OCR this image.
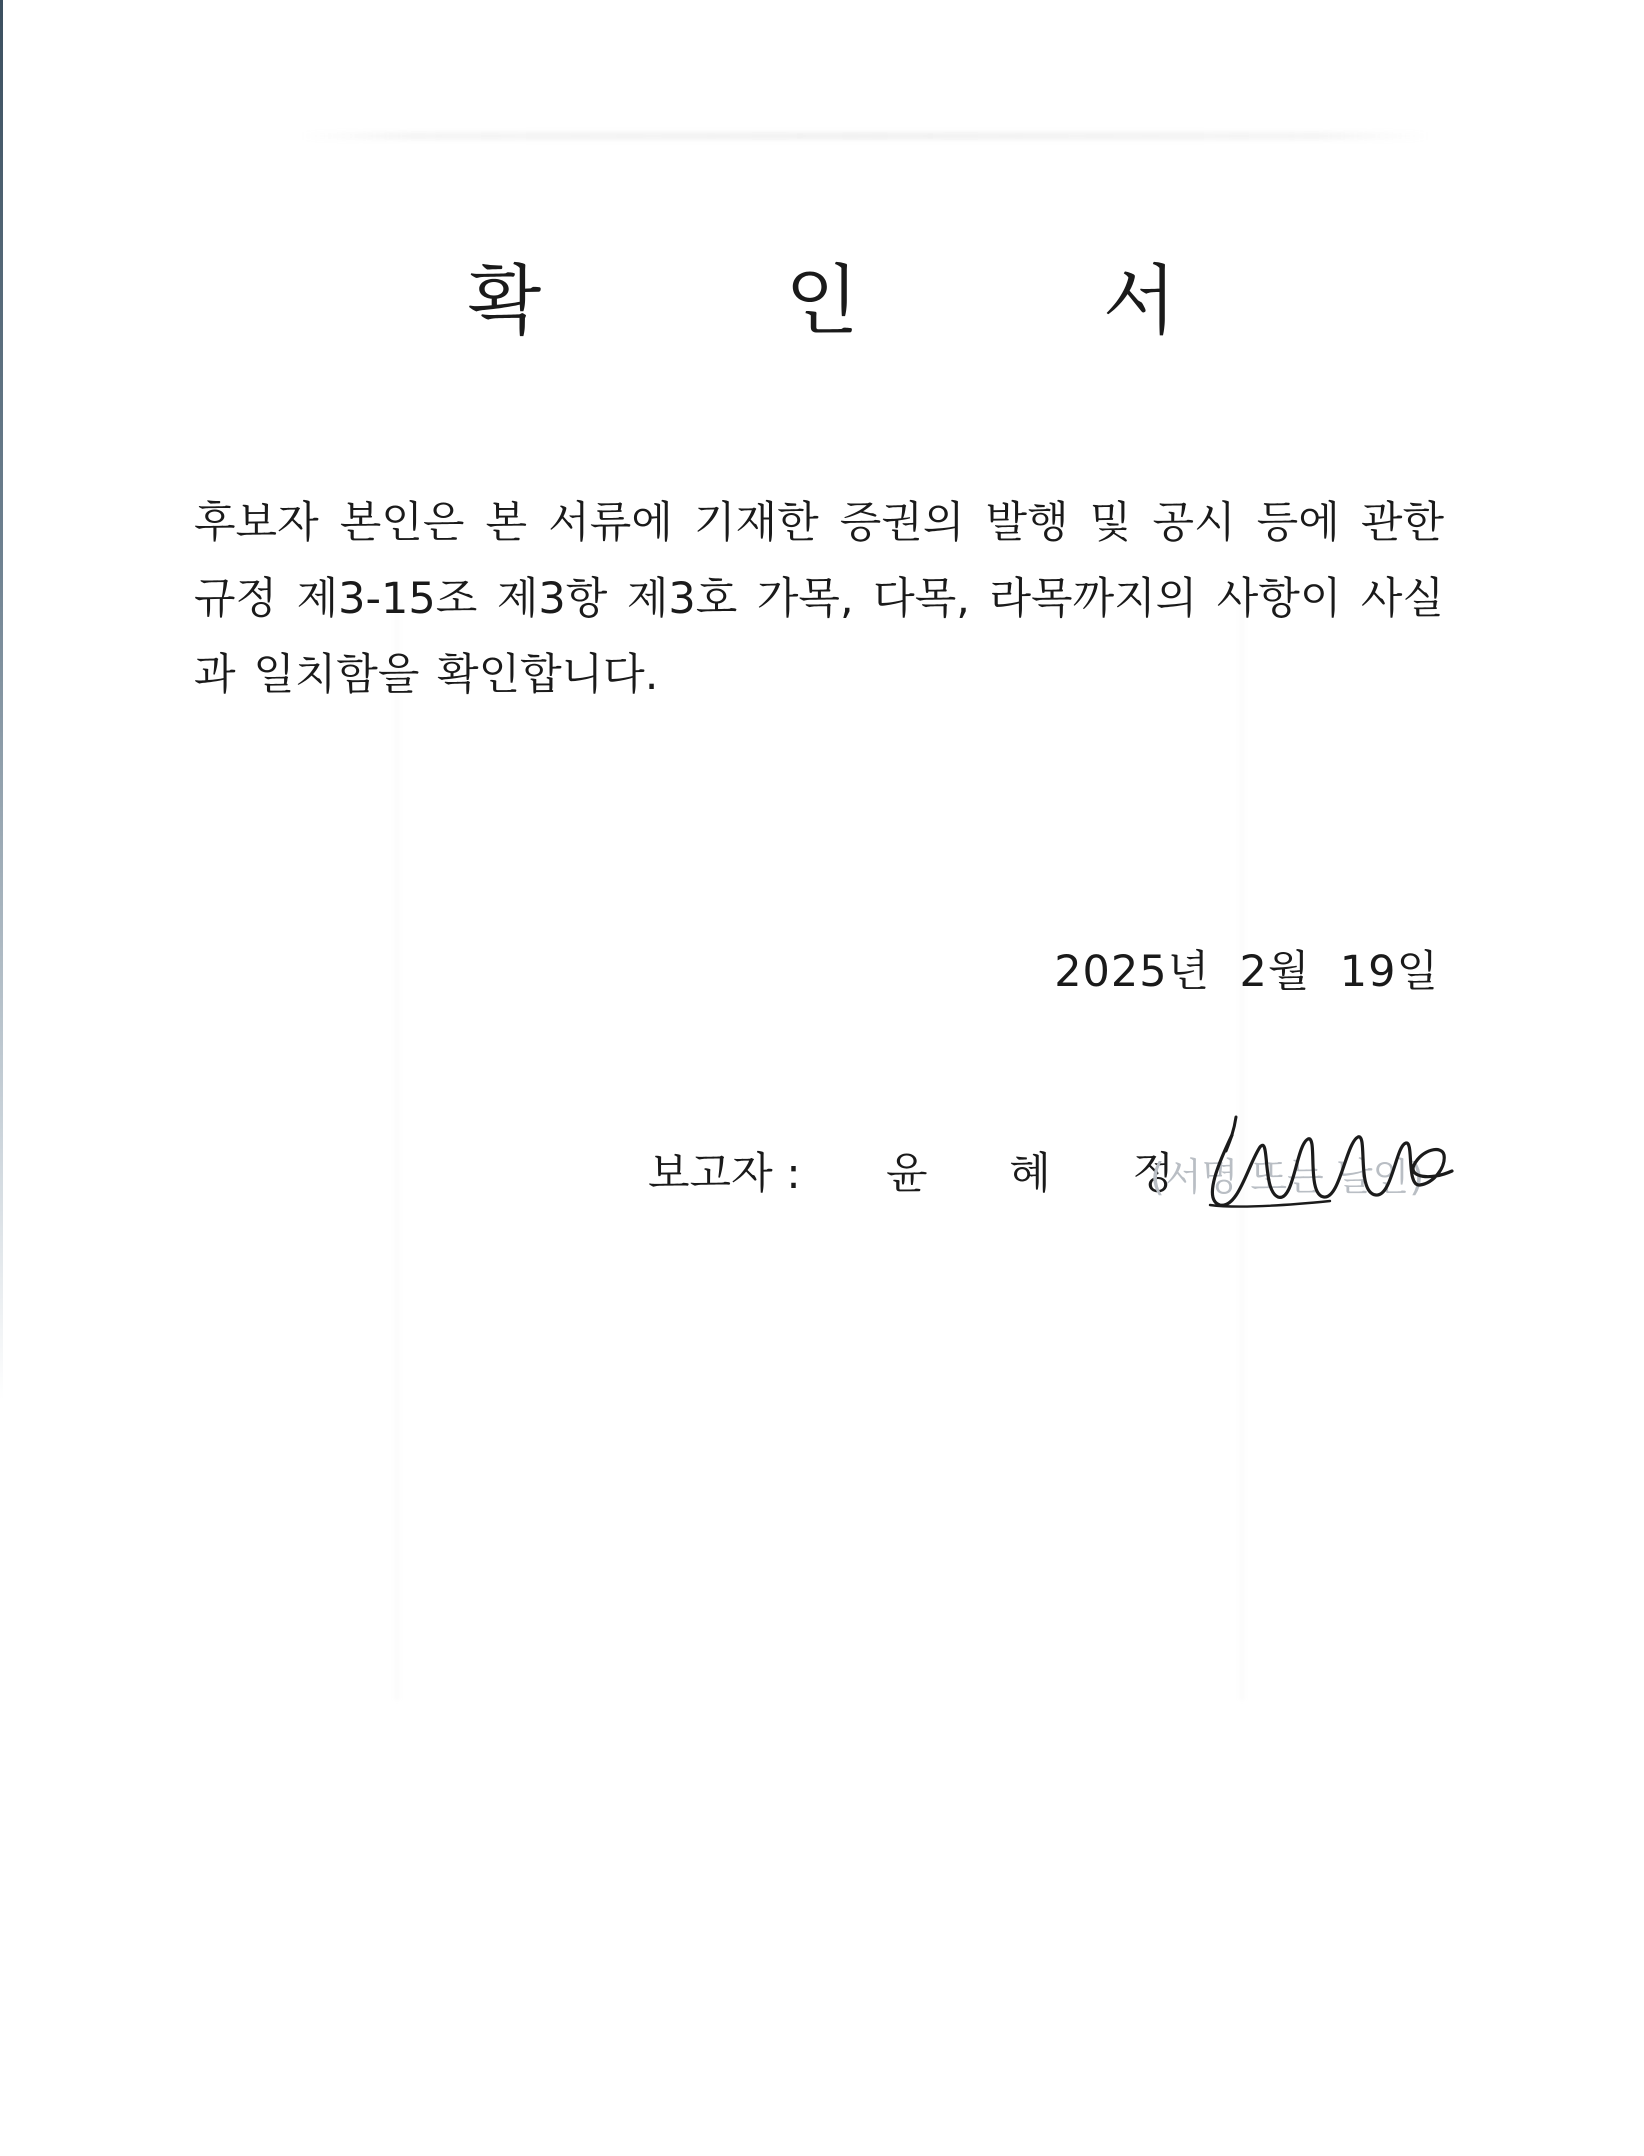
확 인 서

후보자 본인은 본 서류에 기재한 증권의 발행 및 공시 등에 관한 규정 제3-15조 제3항 제3호 가목, 다목, 라목까지의 사항이 사실과 일치함을 확인합니다.

2025년  2월  19일
보고자 : 윤 혜 정
(서명 또는 날인)
